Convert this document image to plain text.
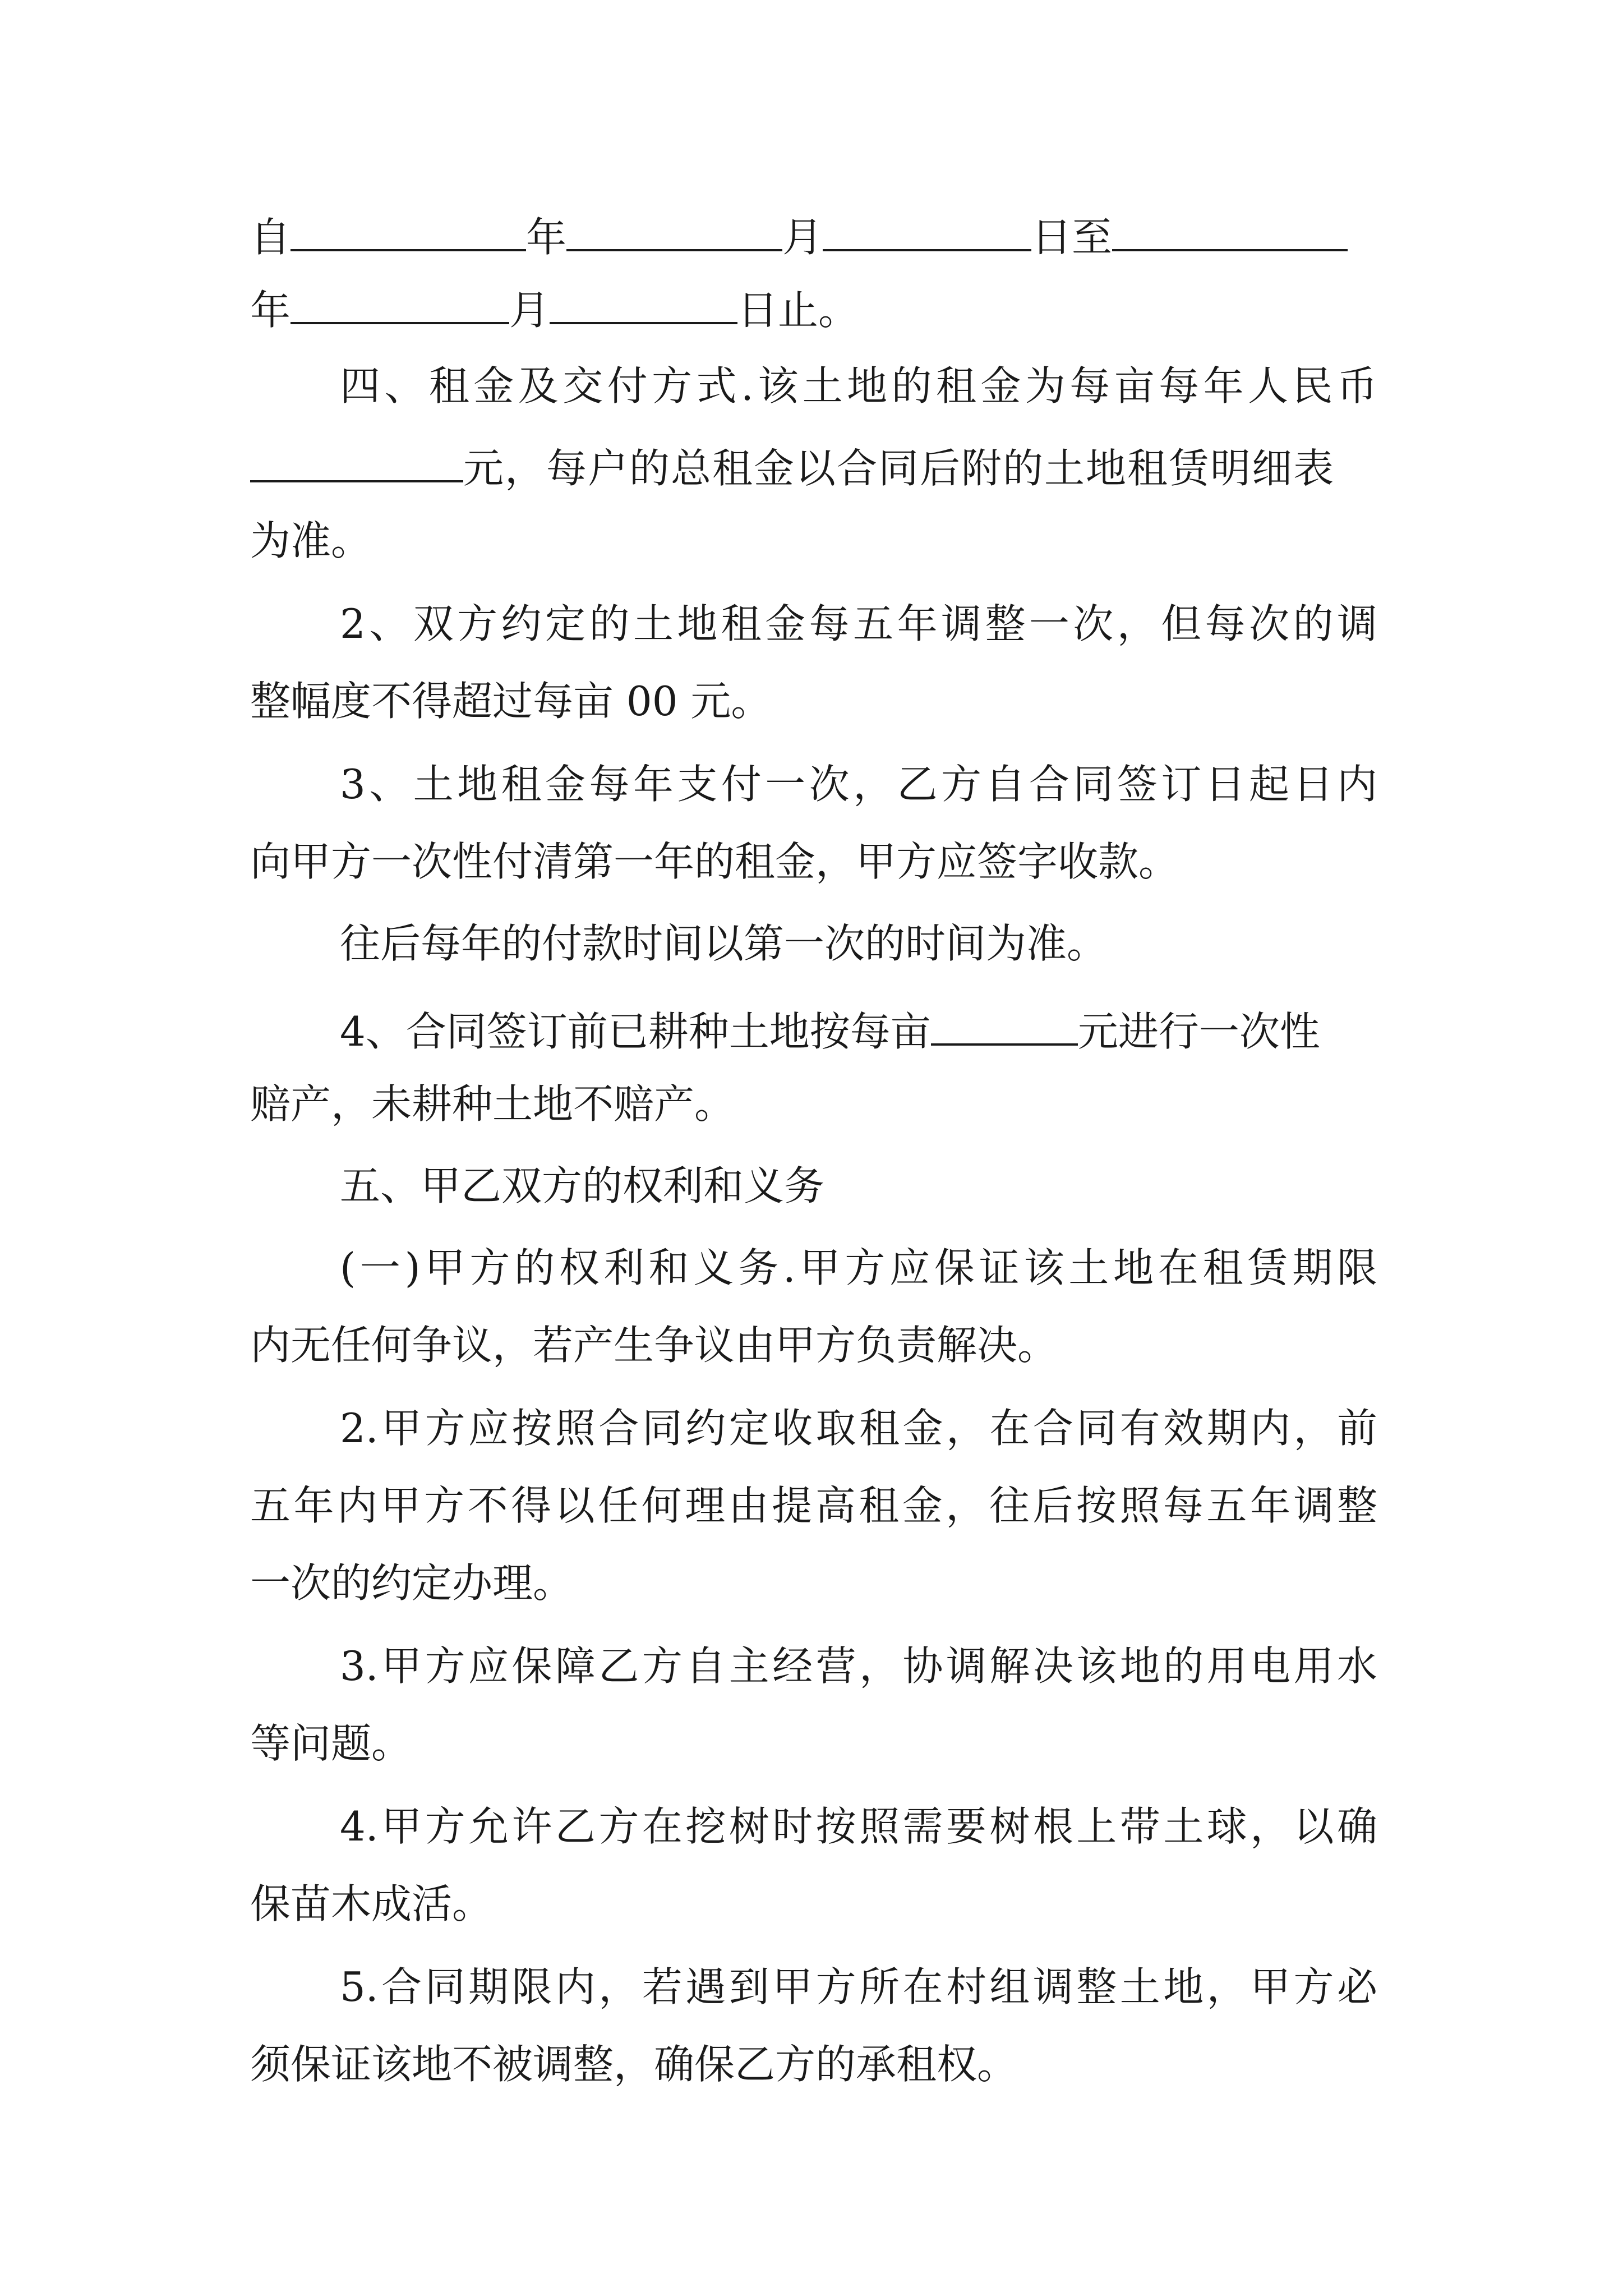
自	年	月	日至
年	月	日止。
四、租金及交付方式.该土地的租金为每亩每年人民币
元，每户的总租金以合同后附的土地租赁明细表
为准。
2、双方约定的土地租金每五年调整一次，但每次的调
整幅度不得超过每亩 00 元。
3、土地租金每年支付一次，乙方自合同签订日起日内
向甲方一次性付清第一年的租金，甲方应签字收款。
往后每年的付款时间以第一次的时间为准。
4、合同签订前已耕种土地按每亩	元进行一次性
赔产，未耕种土地不赔产。
五、甲乙双方的权利和义务
(一)甲方的权利和义务.甲方应保证该土地在租赁期限
内无任何争议，若产生争议由甲方负责解决。
2.甲方应按照合同约定收取租金，在合同有效期内，前
五年内甲方不得以任何理由提高租金，往后按照每五年调整
一次的约定办理。
3.甲方应保障乙方自主经营，协调解决该地的用电用水
等问题。
4.甲方允许乙方在挖树时按照需要树根上带土球，以确
保苗木成活。
5.合同期限内，若遇到甲方所在村组调整土地，甲方必
须保证该地不被调整，确保乙方的承租权。
